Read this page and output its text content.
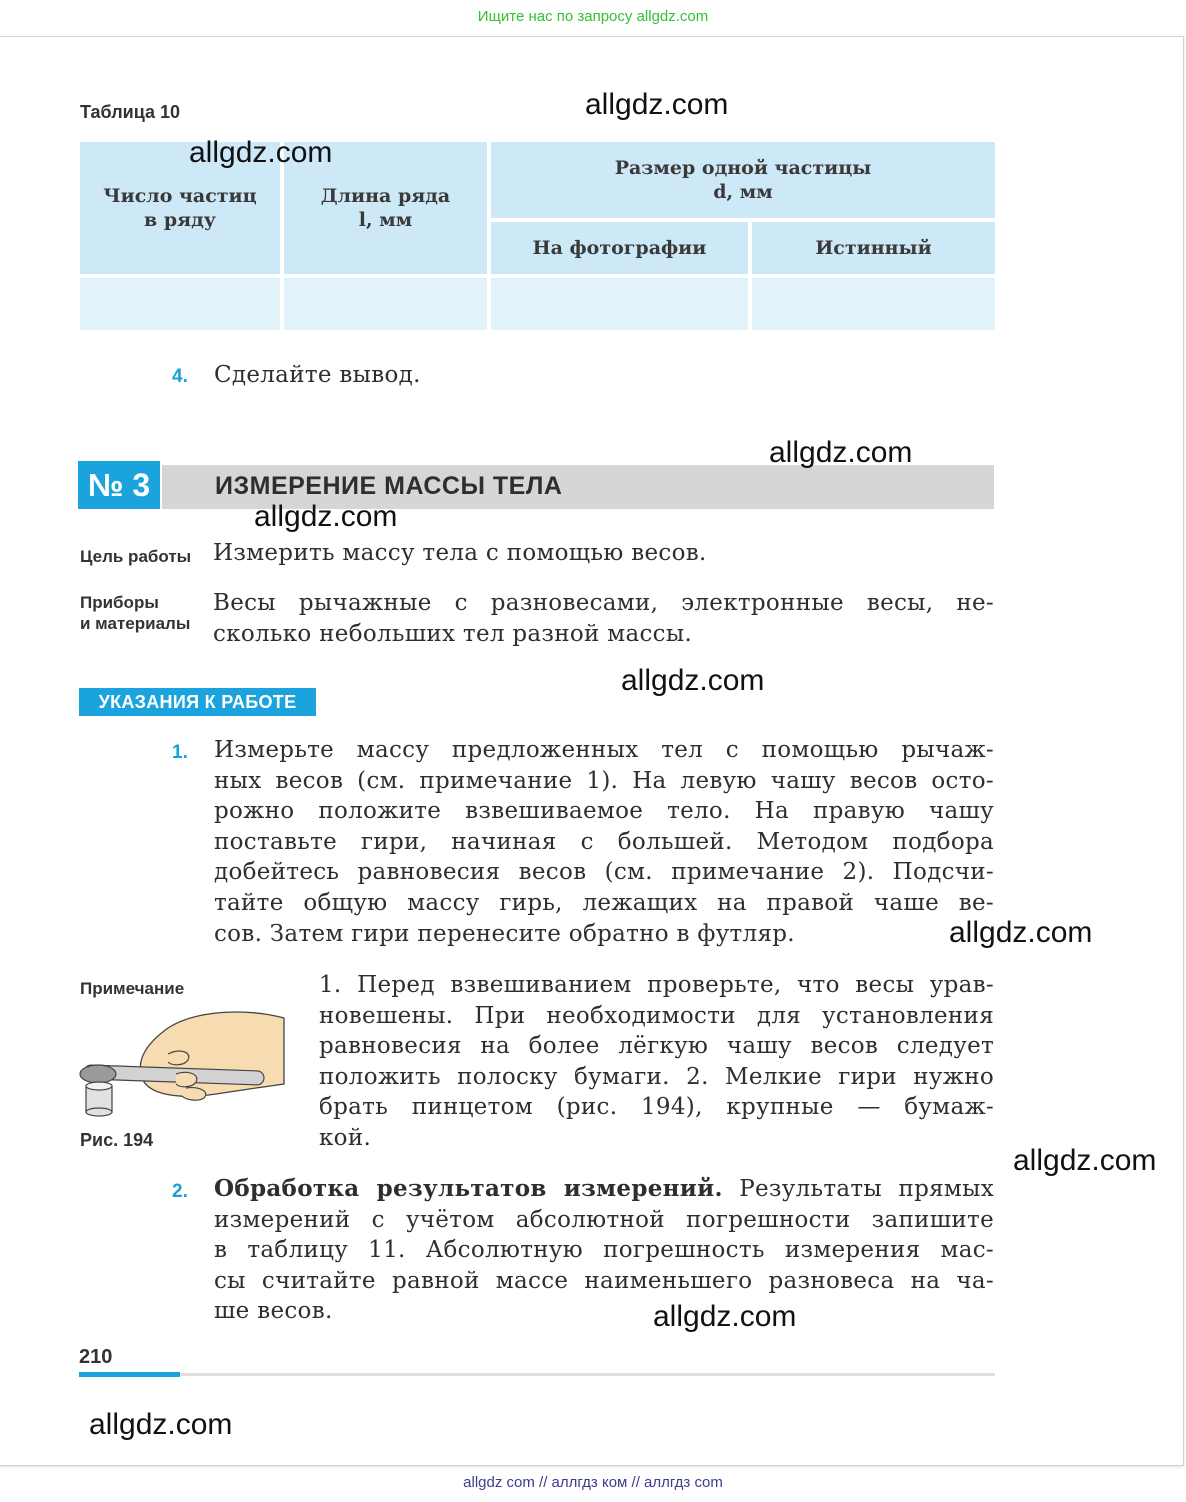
Ищите нас по запросу allgdz.com
Таблица 10
Число частиц
в ряду
Длина ряда
l, мм
Размер одной частицы
d, мм
На фотографии	Истинный
4. Сделайте вывод.
№ 3	ИЗМЕРЕНИЕ МАССЫ ТЕЛА
Цель работы Измерить массу тела с помощью весов.
Приборы
и материалы
Весы рычажные с разновесами, электронные весы, не-
сколько небольших тел разной массы.
УКАЗАНИЯ К РАБОТЕ
1. Измерьте массу предложенных тел с помощью рычаж-
ных весов (см. примечание 1). На левую чашу весов осто-
рожно положите взвешиваемое тело. На правую чашу
поставьте гири, начиная с большей. Методом подбора
добейтесь равновесия весов (см. примечание 2). Подсчи-
тайте общую массу гирь, лежащих на правой чаше ве-
сов. Затем гири перенесите обратно в футляр.
Примечание
Рис. 194
1. Перед взвешиванием проверьте, что весы урав-
новешены. При необходимости для установления
равновесия на более лёгкую чашу весов следует
положить полоску бумаги. 2. Мелкие гири нужно
брать пинцетом (рис. 194), крупные — бумаж-
кой.
2. Обработка результатов измерений. Результаты прямых
измерений с учётом абсолютной погрешности запишите
в таблицу 11. Абсолютную погрешность измерения мас-
сы считайте равной массе наименьшего разновеса на ча-
ше весов.
210
allgdz.com
allgdz.com
allgdz.com
allgdz.com
allgdz.com
allgdz.com
allgdz.com
allgdz.com
allgdz.com
allgdz com // аллгдз ком // аллгдз com
